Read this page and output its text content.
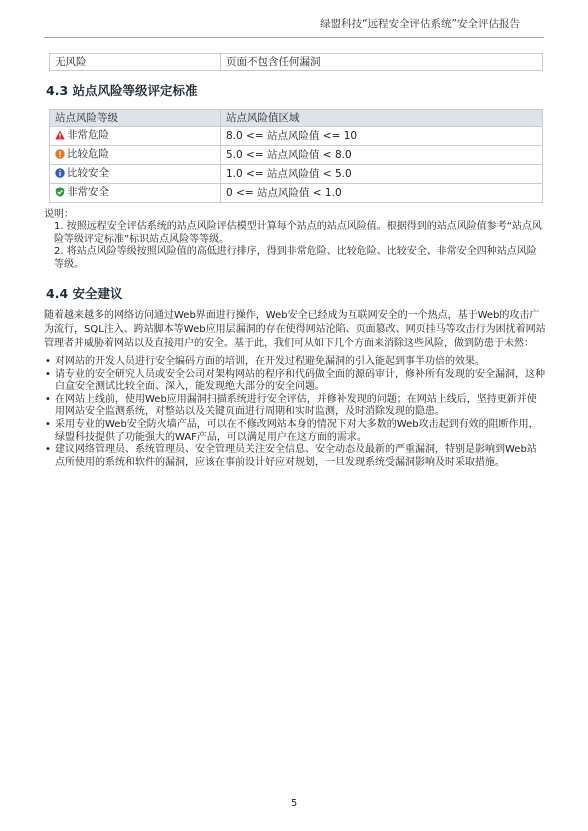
绿盟科技“远程安全评估系统”安全评估报告
无风险	页面不包含任何漏洞
4.3 站点风险等级评定标准
站点风险等级	站点风险值区域

非常危险	8.0 <= 站点风险值 <= 10

比较危险	5.0 <= 站点风险值 < 8.0

比较安全	1.0 <= 站点风险值 < 5.0

非常安全	0 <= 站点风险值 < 1.0
说明：
1. 按照远程安全评估系统的站点风险评估模型计算每个站点的站点风险值。根据得到的站点风险值参考“站点风险等级评定标准”标识站点风险等等级。
2. 将站点风险等级按照风险值的高低进行排序，得到非常危险、比较危险、比较安全、非常安全四种站点风险等级。
4.4 安全建议

随着越来越多的网络访问通过Web界面进行操作，Web安全已经成为互联网安全的一个热点，基于Web的攻击广为流行，SQL注入、跨站脚本等Web应用层漏洞的存在使得网站沦陷、页面篡改、网页挂马等攻击行为困扰着网站管理者并威胁着网站以及直接用户的安全。基于此，我们可从如下几个方面来消除这些风险，做到防患于未然：

• 对网站的开发人员进行安全编码方面的培训，在开发过程避免漏洞的引入能起到事半功倍的效果。
• 请专业的安全研究人员或安全公司对架构网站的程序和代码做全面的源码审计，修补所有发现的安全漏洞，这种白盒安全测试比较全面、深入，能发现绝大部分的安全问题。
• 在网站上线前，使用Web应用漏洞扫描系统进行安全评估，并修补发现的问题；在网站上线后，坚持更新并使用网站安全监测系统，对整站以及关键页面进行周期和实时监测，及时消除发现的隐患。
• 采用专业的Web安全防火墙产品，可以在不修改网站本身的情况下对大多数的Web攻击起到有效的阻断作用，绿盟科技提供了功能强大的WAF产品，可以满足用户在这方面的需求。
• 建议网络管理员、系统管理员、安全管理员关注安全信息、安全动态及最新的严重漏洞，特别是影响到Web站点所使用的系统和软件的漏洞，应该在事前设计好应对规划，一旦发现系统受漏洞影响及时采取措施。
5
